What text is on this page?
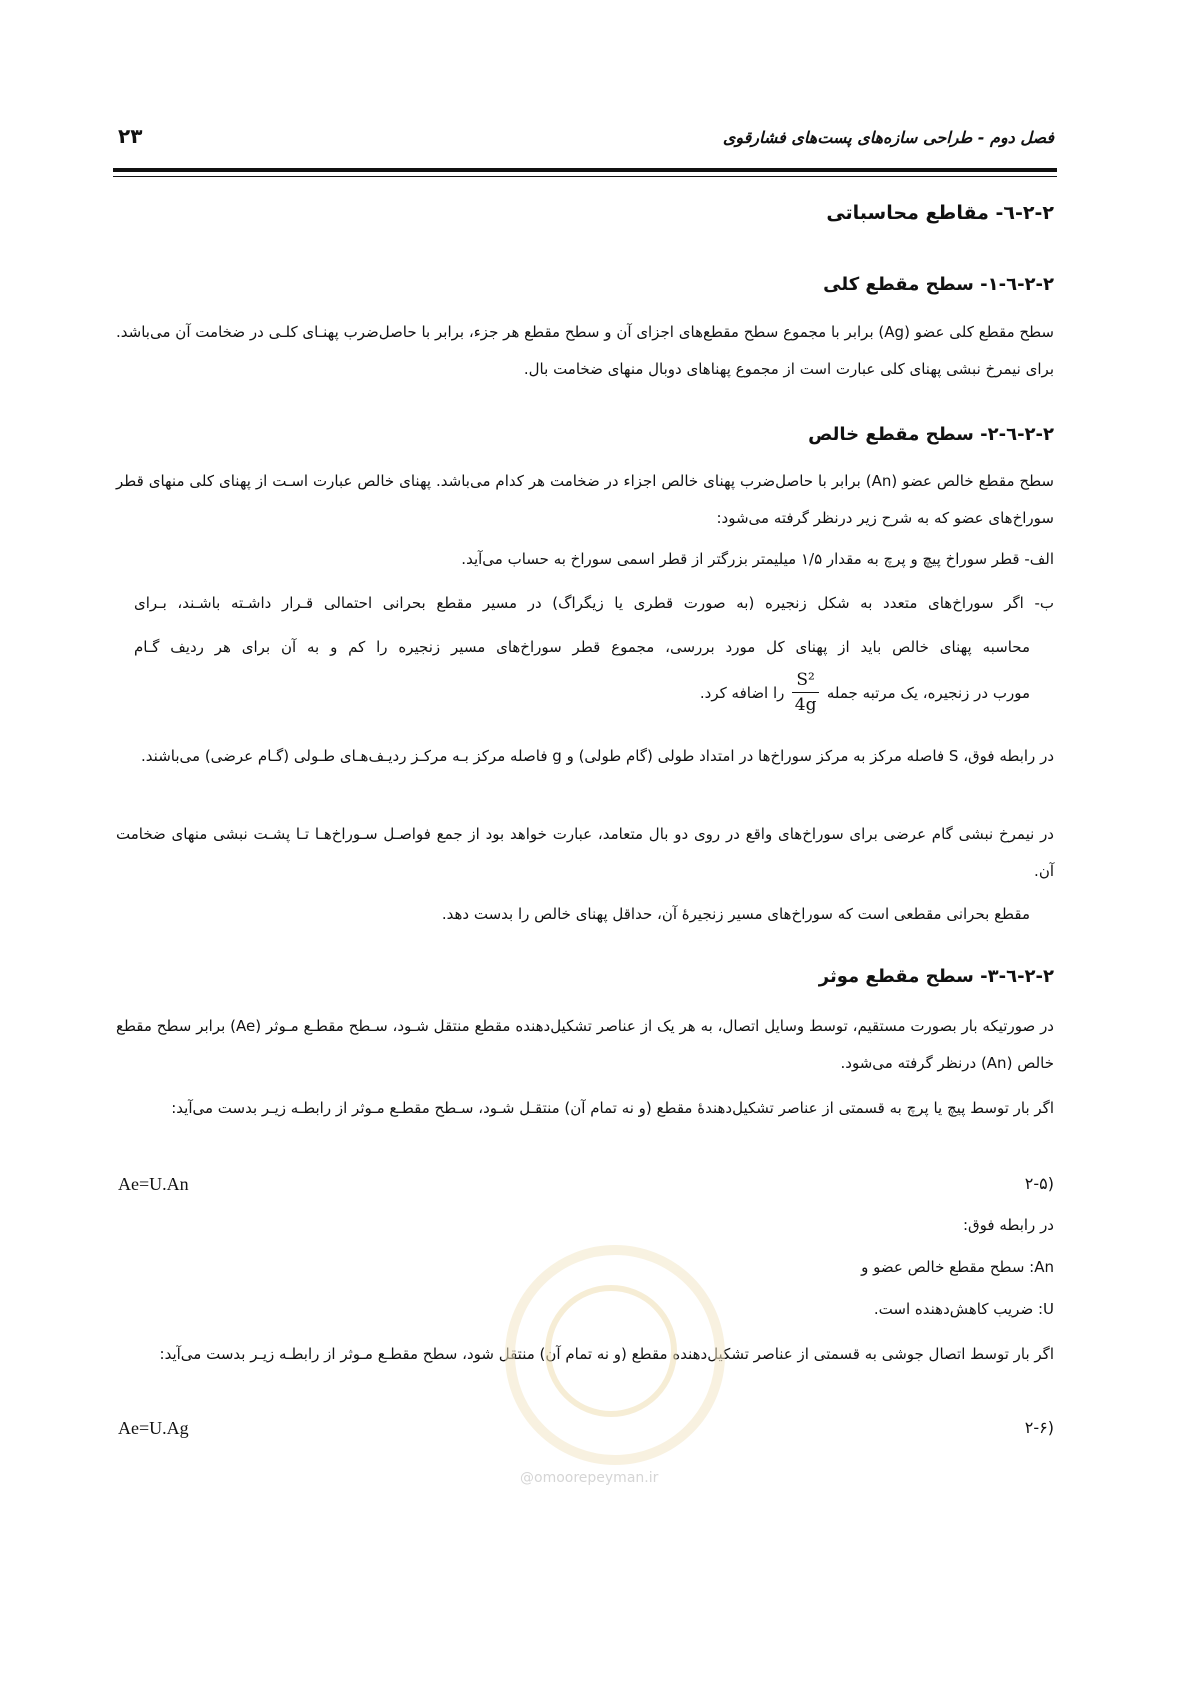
فصل دوم - طراحی سازه‌های پست‌های فشارقوی
۲۳
۲-۲-٦- مقاطع محاسباتی
۲-۲-٦-۱- سطح مقطع کلی
سطح مقطع کلی عضو (Ag) برابر با مجموع سطح مقطع‌های اجزای آن و سطح مقطع هر جزء، برابر با حاصل‌ضرب پهنـای کلـی در ضخامت آن می‌باشد. برای نیمرخ نبشی پهنای کلی عبارت است از مجموع پهناهای دوبال منهای ضخامت بال.
۲-۲-٦-۲- سطح مقطع خالص
سطح مقطع خالص عضو (An) برابر با حاصل‌ضرب پهنای خالص اجزاء در ضخامت هر کدام می‌باشد. پهنای خالص عبارت اسـت از پهنای کلی منهای قطر سوراخ‌های عضو که به شرح زیر درنظر گرفته می‌شود:
الف- قطر سوراخ پیچ و پرچ به مقدار ۱/۵ میلیمتر بزرگتر از قطر اسمی سوراخ به حساب می‌آید.
ب- اگر سوراخ‌های متعدد به شکل زنجیره (به صورت قطری یا زیگراگ) در مسیر مقطع بحرانی احتمالی قـرار داشـته باشـند، بـرای
محاسبه پهنای خالص باید از پهنای کل مورد بررسی، مجموع قطر سوراخ‌های مسیر زنجیره را کم و به آن برای هر ردیف گـام
مورب در زنجیره، یک مرتبه جمله
$\frac{\text{S²}}{4g}$
را اضافه کرد.
در رابطه فوق، S فاصله مرکز به مرکز سوراخ‌ها در امتداد طولی (گام طولی) و g فاصله مرکز بـه مرکـز ردیـف‌هـای طـولی (گـام عرضی) می‌باشند.
در نیمرخ نبشی گام عرضی برای سوراخ‌های واقع در روی دو بال متعامد، عبارت خواهد بود از جمع فواصـل سـوراخ‌هـا تـا پشـت نبشی منهای ضخامت آن.
مقطع بحرانی مقطعی است که سوراخ‌های مسیر زنجیرۀ آن، حداقل پهنای خالص را بدست دهد.
۲-۲-٦-۳- سطح مقطع موثر
در صورتیکه بار بصورت مستقیم، توسط وسایل اتصال، به هر یک از عناصر تشکیل‌دهنده مقطع منتقل شـود، سـطح مقطـع مـوثر (Ae) برابر سطح مقطع خالص (An) درنظر گرفته می‌شود.
اگر بار توسط پیچ یا پرچ به قسمتی از عناصر تشکیل‌دهندۀ مقطع (و نه تمام آن) منتقـل شـود، سـطح مقطـع مـوثر از رابطـه زیـر بدست می‌آید:
Ae=U.An	(۲-۵
در رابطه فوق:
An: سطح مقطع خالص عضو و
U: ضریب کاهش‌دهنده است.
اگر بار توسط اتصال جوشی به قسمتی از عناصر تشکیل‌دهنده مقطع (و نه تمام آن) منتقل شود، سطح مقطـع مـوثر از رابطـه زیـر بدست می‌آید:
Ae=U.Ag	(۲-۶
@omoorepeyman.ir
